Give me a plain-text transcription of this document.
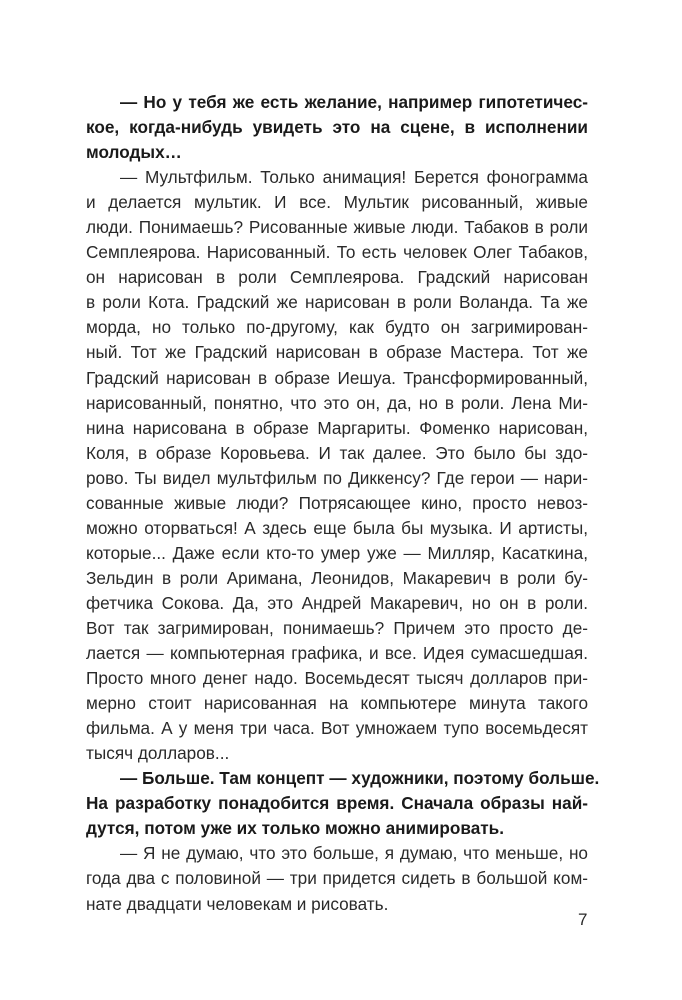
— Но у тебя же есть желание, например гипотетичес-
кое, когда-нибудь увидеть это на сцене, в исполнении
молодых…
— Мультфильм. Только анимация! Берется фонограмма
и делается мультик. И все. Мультик рисованный, живые
люди. Понимаешь? Рисованные живые люди. Табаков в роли
Семплеярова. Нарисованный. То есть человек Олег Табаков,
он нарисован в роли Семплеярова. Градский нарисован
в роли Кота. Градский же нарисован в роли Воланда. Та же
морда, но только по-другому, как будто он загримирован-
ный. Тот же Градский нарисован в образе Мастера. Тот же
Градский нарисован в образе Иешуа. Трансформированный,
нарисованный, понятно, что это он, да, но в роли. Лена Ми-
нина нарисована в образе Маргариты. Фоменко нарисован,
Коля, в образе Коровьева. И так далее. Это было бы здо-
рово. Ты видел мультфильм по Диккенсу? Где герои — нари-
сованные живые люди? Потрясающее кино, просто невоз-
можно оторваться! А здесь еще была бы музыка. И артисты,
которые... Даже если кто-то умер уже — Милляр, Касаткина,
Зельдин в роли Аримана, Леонидов, Макаревич в роли бу-
фетчика Сокова. Да, это Андрей Макаревич, но он в роли.
Вот так загримирован, понимаешь? Причем это просто де-
лается — компьютерная графика, и все. Идея сумасшедшая.
Просто много денег надо. Восемьдесят тысяч долларов при-
мерно стоит нарисованная на компьютере минута такого
фильма. А у меня три часа. Вот умножаем тупо восемьдесят
тысяч долларов...
— Больше. Там концепт — художники, поэтому больше.
На разработку понадобится время. Сначала образы най-
дутся, потом уже их только можно анимировать.
— Я не думаю, что это больше, я думаю, что меньше, но
года два с половиной — три придется сидеть в большой ком-
нате двадцати человекам и рисовать.
7
